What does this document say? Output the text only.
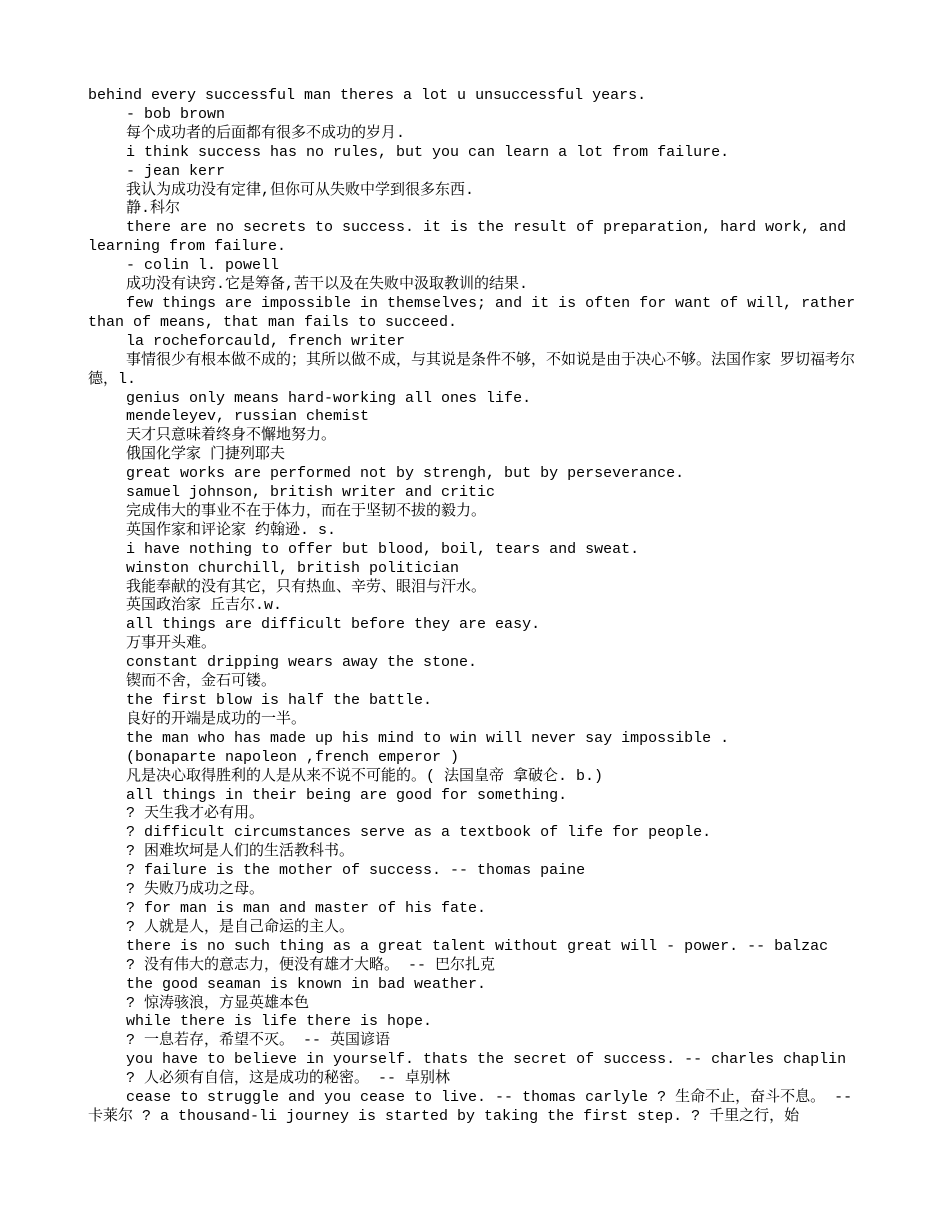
behind every successful man theres a lot u unsuccessful years.
- bob brown
每个成功者的后面都有很多不成功的岁月.
i think success has no rules, but you can learn a lot from failure.
- jean kerr
我认为成功没有定律,但你可从失败中学到很多东西.
静.科尔
there are no secrets to success. it is the result of preparation, hard work, and learning from failure.
- colin l. powell
成功没有诀窍.它是筹备,苦干以及在失败中汲取教训的结果.
few things are impossible in themselves; and it is often for want of will, rather than of means, that man fails to succeed.
la rocheforcauld, french writer
事情很少有根本做不成的；其所以做不成，与其说是条件不够，不如说是由于决心不够。法国作家 罗切福考尔德，l.
genius only means hard-working all ones life.
mendeleyev, russian chemist
天才只意味着终身不懈地努力。
俄国化学家 门捷列耶夫
great works are performed not by strengh, but by perseverance.
samuel johnson, british writer and critic
完成伟大的事业不在于体力，而在于坚韧不拔的毅力。
英国作家和评论家 约翰逊. s.
i have nothing to offer but blood, boil, tears and sweat.
winston churchill, british politician
我能奉献的没有其它，只有热血、辛劳、眼泪与汗水。
英国政治家 丘吉尔.w.
all things are difficult before they are easy.
万事开头难。
constant dripping wears away the stone.
锲而不舍，金石可镂。
the first blow is half the battle.
良好的开端是成功的一半。
the man who has made up his mind to win will never say impossible .
(bonaparte napoleon ,french emperor )
凡是决心取得胜利的人是从来不说不可能的。( 法国皇帝 拿破仑. b.)
all things in their being are good for something.
? 天生我才必有用。
? difficult circumstances serve as a textbook of life for people.
? 困难坎坷是人们的生活教科书。
? failure is the mother of success. -- thomas paine
? 失败乃成功之母。
? for man is man and master of his fate.
? 人就是人，是自己命运的主人。
there is no such thing as a great talent without great will - power. -- balzac
? 没有伟大的意志力，便没有雄才大略。 -- 巴尔扎克
the good seaman is known in bad weather.
? 惊涛骇浪，方显英雄本色
while there is life there is hope.
? 一息若存，希望不灭。 -- 英国谚语
you have to believe in yourself. thats the secret of success. -- charles chaplin
? 人必须有自信，这是成功的秘密。 -- 卓别林
cease to struggle and you cease to live. -- thomas carlyle ? 生命不止，奋斗不息。 -- 卡莱尔 ? a thousand-li journey is started by taking the first step. ? 千里之行，始
